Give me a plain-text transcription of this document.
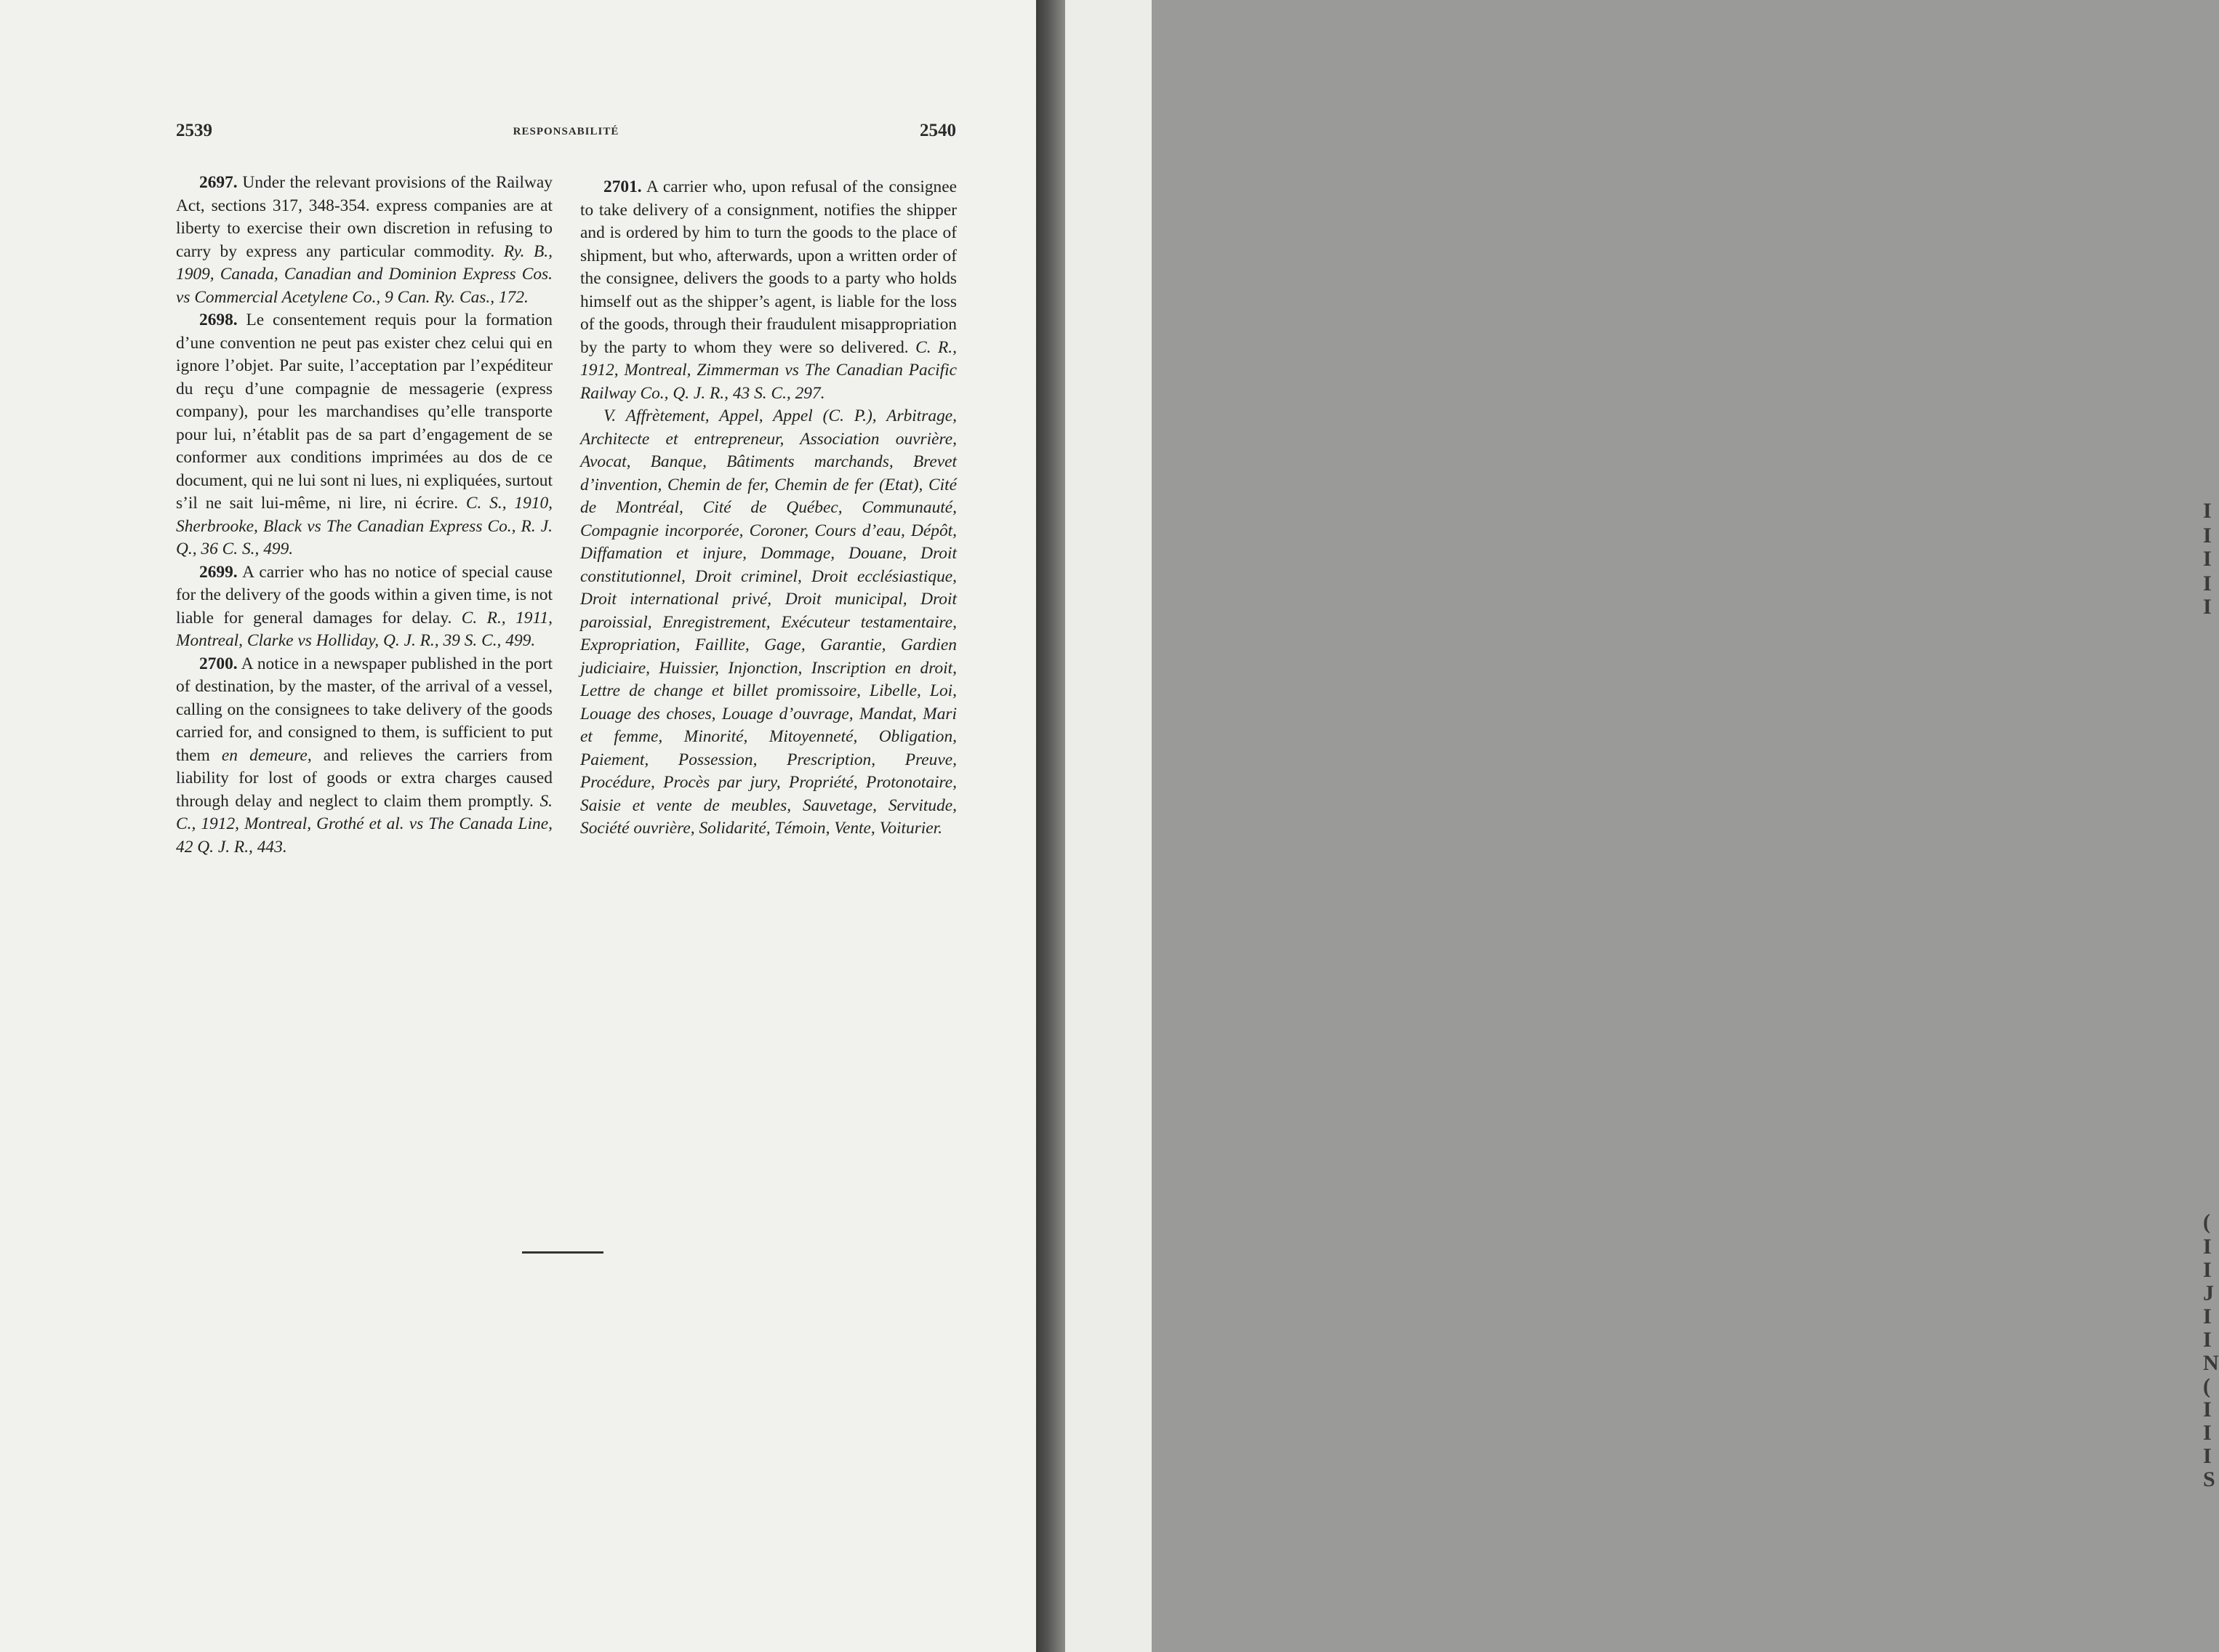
2539	RESPONSABILITÉ	2540

2697. Under the relevant provisions of the Railway Act, sections 317, 348-354. express companies are at liberty to exercise their own discretion in refusing to carry by express any particular commodity. Ry. B., 1909, Canada, Canadian and Dominion Express Cos. vs Commercial Acetylene Co., 9 Can. Ry. Cas., 172.

2698. Le consentement requis pour la formation d’une convention ne peut pas exister chez celui qui en ignore l’objet. Par suite, l’acceptation par l’expéditeur du reçu d’une compagnie de messagerie (express company), pour les marchandises qu’elle transporte pour lui, n’établit pas de sa part d’engagement de se conformer aux conditions imprimées au dos de ce document, qui ne lui sont ni lues, ni expliquées, surtout s’il ne sait lui-même, ni lire, ni écrire. C. S., 1910, Sherbrooke, Black vs The Canadian Express Co., R. J. Q., 36 C. S., 499.

2699. A carrier who has no notice of special cause for the delivery of the goods within a given time, is not liable for general damages for delay. C. R., 1911, Montreal, Clarke vs Holliday, Q. J. R., 39 S. C., 499.

2700. A notice in a newspaper published in the port of destination, by the master, of the arrival of a vessel, calling on the consignees to take delivery of the goods carried for, and consigned to them, is sufficient to put them en demeure, and relieves the carriers from liability for lost of goods or extra charges caused through delay and neglect to claim them promptly. S. C., 1912, Montreal, Grothé et al. vs The Canada Line, 42 Q. J. R., 443.

2701. A carrier who, upon refusal of the consignee to take delivery of a consignment, notifies the shipper and is ordered by him to turn the goods to the place of shipment, but who, afterwards, upon a written order of the consignee, delivers the goods to a party who holds himself out as the shipper’s agent, is liable for the loss of the goods, through their fraudulent misappropriation by the party to whom they were so delivered. C. R., 1912, Montreal, Zimmerman vs The Canadian Pacific Railway Co., Q. J. R., 43 S. C., 297.

V. Affrètement, Appel, Appel (C. P.), Arbitrage, Architecte et entrepreneur, Association ouvrière, Avocat, Banque, Bâtiments marchands, Brevet d’invention, Chemin de fer, Chemin de fer (Etat), Cité de Montréal, Cité de Québec, Communauté, Compagnie incorporée, Coroner, Cours d’eau, Dépôt, Diffamation et injure, Dommage, Douane, Droit constitutionnel, Droit criminel, Droit ecclésiastique, Droit international privé, Droit municipal, Droit paroissial, Enregistrement, Exécuteur testamentaire, Expropriation, Faillite, Gage, Garantie, Gardien judiciaire, Huissier, Injonction, Inscription en droit, Lettre de change et billet promissoire, Libelle, Loi, Louage des choses, Louage d’ouvrage, Mandat, Mari et femme, Minorité, Mitoyenneté, Obligation, Paiement, Possession, Prescription, Preuve, Procédure, Procès par jury, Propriété, Protonotaire, Saisie et vente de meubles, Sauvetage, Servitude, Société ouvrière, Solidarité, Témoin, Vente, Voiturier.

I
I
I
I
I
(
I
I
J
I
I
N
(
I
I
I
S
